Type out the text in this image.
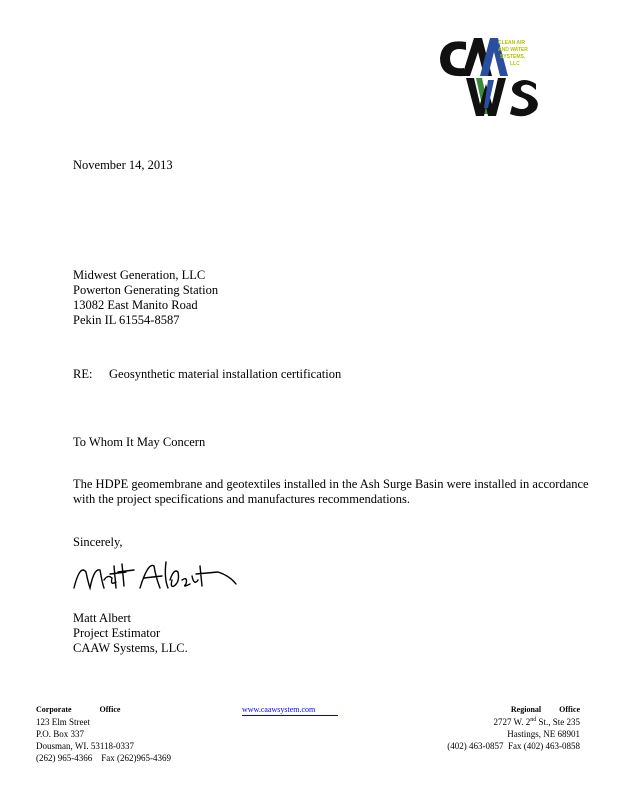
CLEAN AIR
AND WATER
SYSTEMS,
LLC
November 14, 2013
Midwest Generation, LLC
Powerton Generating Station
13082 East Manito Road
Pekin IL 61554-8587
RE: Geosynthetic material installation certification
To Whom It May Concern
The HDPE geomembrane and geotextiles installed in the Ash Surge Basin were installed in accordance with the project specifications and manufactures recommendations.
Sincerely,
Matt Albert
Project Estimator
CAAW Systems, LLC.
Corporate	Office
123 Elm Street
P.O. Box 337
Dousman, WI. 53118-0337
(262) 965-4366 Fax (262)965-4369
www.caawsystem.com	Regional Office
2727 W. 2nd St., Ste 235
Hastings, NE 68901
(402) 463-0857 Fax (402) 463-0858
